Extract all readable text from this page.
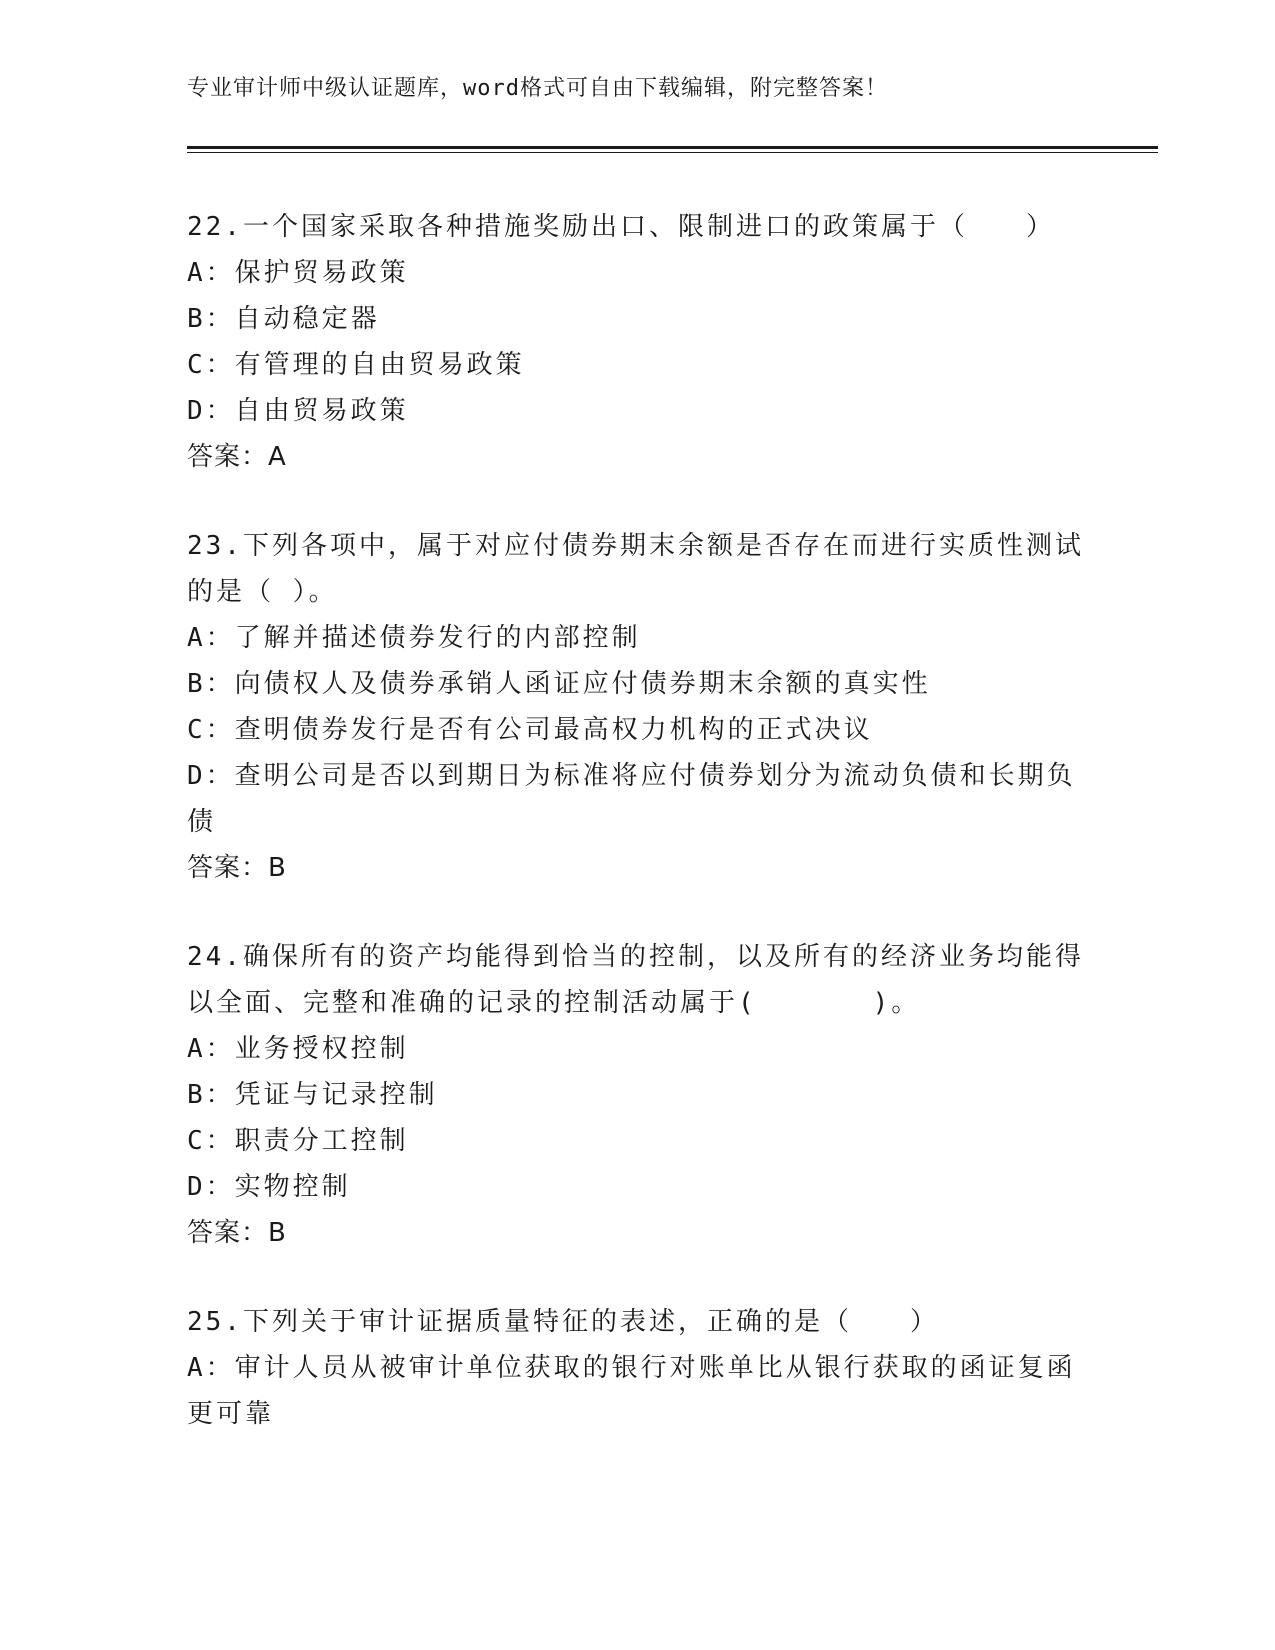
专业审计师中级认证题库，word格式可自由下载编辑，附完整答案！
22.一个国家采取各种措施奖励出口、限制进口的政策属于（　　）
A：保护贸易政策
B：自动稳定器
C：有管理的自由贸易政策
D：自由贸易政策
答案：A
23.下列各项中，属于对应付债券期末余额是否存在而进行实质性测试的是（ ）。
A：了解并描述债券发行的内部控制
B：向债权人及债券承销人函证应付债券期末余额的真实性
C：查明债券发行是否有公司最高权力机构的正式决议
D：查明公司是否以到期日为标准将应付债券划分为流动负债和长期负债
答案：B
24.确保所有的资产均能得到恰当的控制，以及所有的经济业务均能得以全面、完整和准确的记录的控制活动属于(　　　　)。
A：业务授权控制
B：凭证与记录控制
C：职责分工控制
D：实物控制
答案：B
25.下列关于审计证据质量特征的表述，正确的是（　　）
A：审计人员从被审计单位获取的银行对账单比从银行获取的函证复函更可靠
